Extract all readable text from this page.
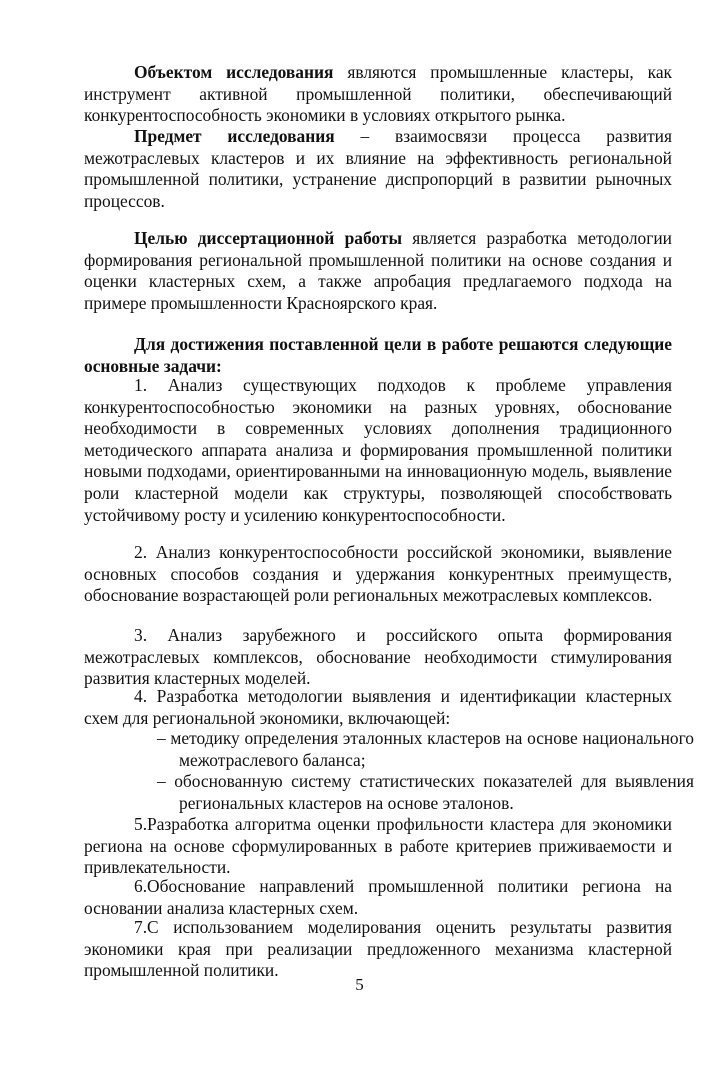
Объектом исследования являются промышленные кластеры, как инструмент активной промышленной политики, обеспечивающий конкурентоспособность экономики в условиях открытого рынка.

Предмет исследования – взаимосвязи процесса развития межотраслевых кластеров и их влияние на эффективность региональной промышленной политики, устранение диспропорций в развитии рыночных процессов.

Целью диссертационной работы является разработка методологии формирования региональной промышленной политики на основе создания и оценки кластерных схем, а также апробация предлагаемого подхода на примере промышленности Красноярского края.

Для достижения поставленной цели в работе решаются следующие основные задачи:

1. Анализ существующих подходов к проблеме управления конкурентоспособностью экономики на разных уровнях, обоснование необходимости в современных условиях дополнения традиционного методического аппарата анализа и формирования промышленной политики новыми подходами, ориентированными на инновационную модель, выявление роли кластерной модели как структуры, позволяющей способствовать устойчивому росту и усилению конкурентоспособности.

2. Анализ конкурентоспособности российской экономики, выявление основных способов создания и удержания конкурентных преимуществ, обоснование возрастающей роли региональных межотраслевых комплексов.

3. Анализ зарубежного и российского опыта формирования межотраслевых комплексов, обоснование необходимости стимулирования развития кластерных моделей.

4. Разработка методологии выявления и идентификации кластерных схем для региональной экономики, включающей:

– методику определения эталонных кластеров на основе национального межотраслевого баланса;

– обоснованную систему статистических показателей для выявления региональных кластеров на основе эталонов.

5.Разработка алгоритма оценки профильности кластера для экономики региона на основе сформулированных в работе критериев приживаемости и привлекательности.

6.Обоснование направлений промышленной политики региона на основании анализа кластерных схем.

7.С использованием моделирования оценить результаты развития экономики края при реализации предложенного механизма кластерной промышленной политики.

5
